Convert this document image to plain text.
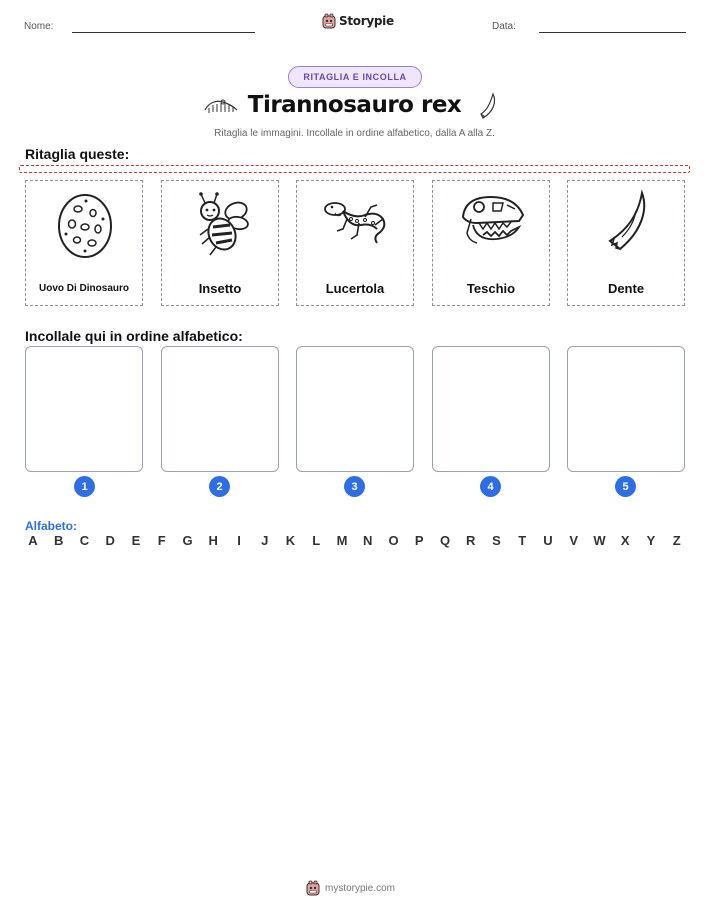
Nome:	Storypie	Data:
RITAGLIA E INCOLLA
Tirannosauro rex
Ritaglia le immagini. Incollale in ordine alfabetico, dalla A alla Z.
Ritaglia queste:
Uovo Di Dinosauro	Insetto	Lucertola	Teschio	Dente
Incollale qui in ordine alfabetico:
1	2	3	4	5
Alfabeto:
A B C D E	F	G H	I	J	K	L	M N O P Q R S	T	U V W X Y	Z
mystorypie.com
